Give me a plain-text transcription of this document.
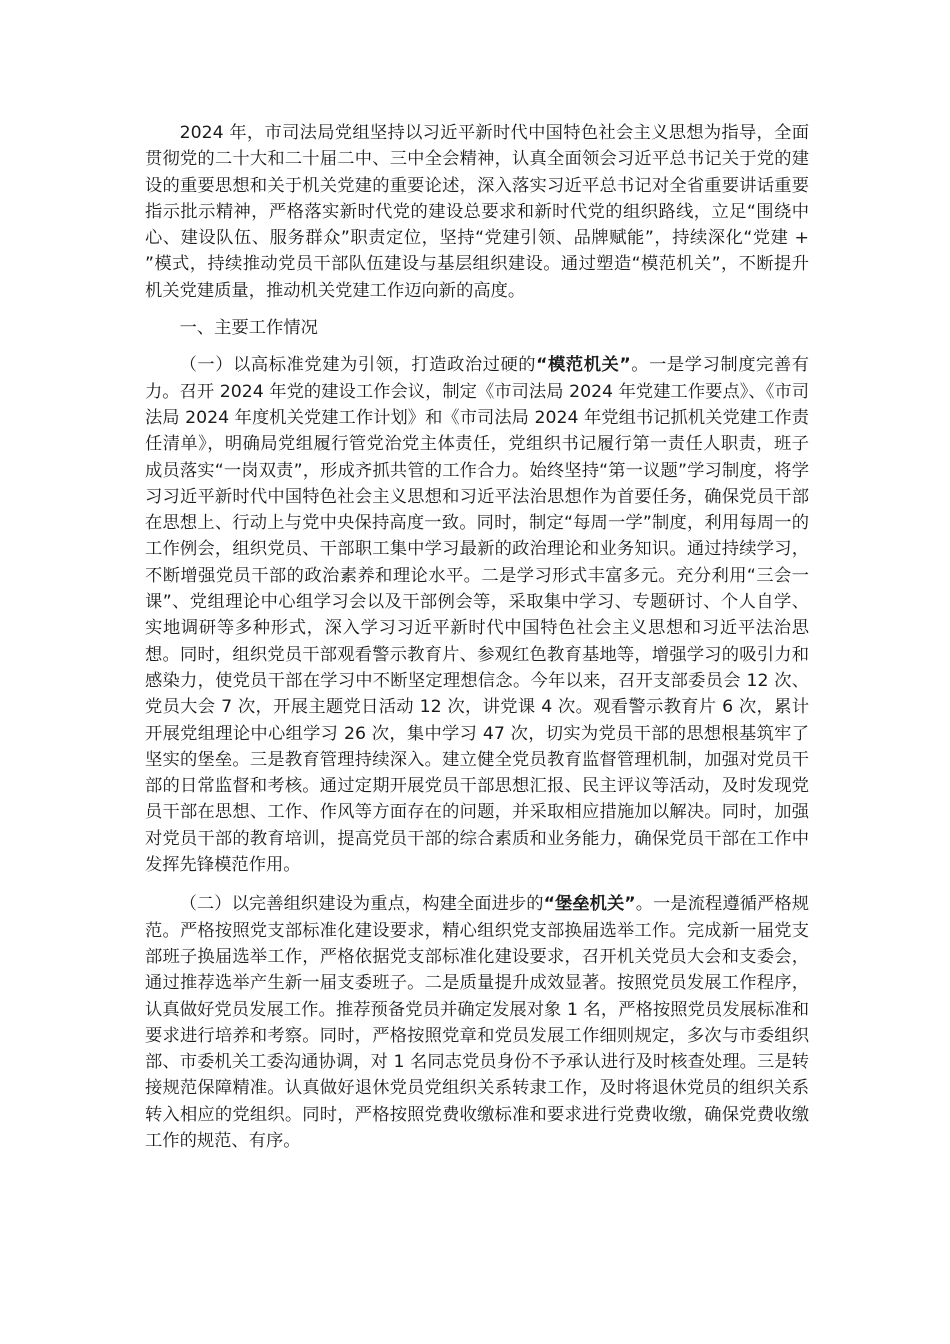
2024 年，市司法局党组坚持以习近平新时代中国特色社会主义思想为指导，全面贯彻党的二十大和二十届二中、三中全会精神，认真全面领会习近平总书记关于党的建设的重要思想和关于机关党建的重要论述，深入落实习近平总书记对全省重要讲话重要指示批示精神，严格落实新时代党的建设总要求和新时代党的组织路线，立足“围绕中心、建设队伍、服务群众”职责定位，坚持“党建引领、品牌赋能”，持续深化“党建 + ”模式，持续推动党员干部队伍建设与基层组织建设。通过塑造“模范机关”，不断提升机关党建质量，推动机关党建工作迈向新的高度。

一、主要工作情况

（一）以高标准党建为引领，打造政治过硬的“模范机关”。一是学习制度完善有力。召开 2024 年党的建设工作会议，制定《市司法局 2024 年党建工作要点》、《市司法局 2024 年度机关党建工作计划》和《市司法局 2024 年党组书记抓机关党建工作责任清单》，明确局党组履行管党治党主体责任，党组织书记履行第一责任人职责，班子成员落实“一岗双责”，形成齐抓共管的工作合力。始终坚持“第一议题”学习制度，将学习习近平新时代中国特色社会主义思想和习近平法治思想作为首要任务，确保党员干部在思想上、行动上与党中央保持高度一致。同时，制定“每周一学”制度，利用每周一的工作例会，组织党员、干部职工集中学习最新的政治理论和业务知识。通过持续学习，不断增强党员干部的政治素养和理论水平。二是学习形式丰富多元。充分利用“三会一课”、党组理论中心组学习会以及干部例会等，采取集中学习、专题研讨、个人自学、实地调研等多种形式，深入学习习近平新时代中国特色社会主义思想和习近平法治思想。同时，组织党员干部观看警示教育片、参观红色教育基地等，增强学习的吸引力和感染力，使党员干部在学习中不断坚定理想信念。今年以来，召开支部委员会 12 次、党员大会 7 次，开展主题党日活动 12 次，讲党课 4 次。观看警示教育片 6 次，累计开展党组理论中心组学习 26 次，集中学习 47 次，切实为党员干部的思想根基筑牢了坚实的堡垒。三是教育管理持续深入。建立健全党员教育监督管理机制，加强对党员干部的日常监督和考核。通过定期开展党员干部思想汇报、民主评议等活动，及时发现党员干部在思想、工作、作风等方面存在的问题，并采取相应措施加以解决。同时，加强对党员干部的教育培训，提高党员干部的综合素质和业务能力，确保党员干部在工作中发挥先锋模范作用。

（二）以完善组织建设为重点，构建全面进步的“堡垒机关”。一是流程遵循严格规范。严格按照党支部标准化建设要求，精心组织党支部换届选举工作。完成新一届党支部班子换届选举工作，严格依据党支部标准化建设要求，召开机关党员大会和支委会，通过推荐选举产生新一届支委班子。二是质量提升成效显著。按照党员发展工作程序，认真做好党员发展工作。推荐预备党员并确定发展对象 1 名，严格按照党员发展标准和要求进行培养和考察。同时，严格按照党章和党员发展工作细则规定，多次与市委组织部、市委机关工委沟通协调，对 1 名同志党员身份不予承认进行及时核查处理。三是转接规范保障精准。认真做好退休党员党组织关系转隶工作，及时将退休党员的组织关系转入相应的党组织。同时，严格按照党费收缴标准和要求进行党费收缴，确保党费收缴工作的规范、有序。
